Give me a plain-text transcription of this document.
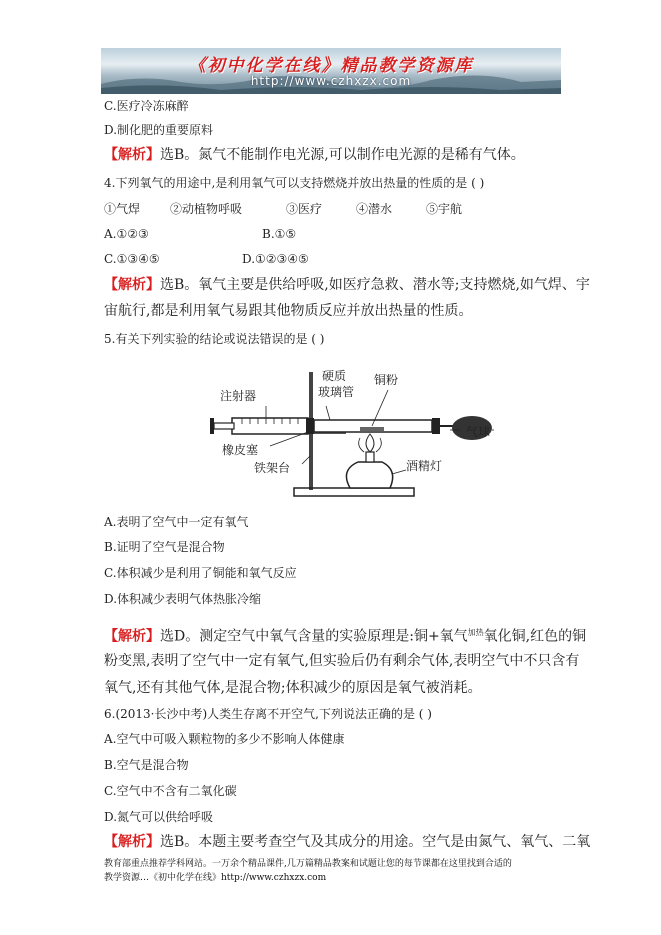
《初中化学在线》精品教学资源库
http://www.czhxzx.com
C.医疗冷冻麻醉
D.制化肥的重要原料
【解析】选B。氮气不能制作电光源,可以制作电光源的是稀有气体。
4.下列氧气的用途中,是利用氧气可以支持燃烧并放出热量的性质的是 ( )
①气焊 ②动植物呼吸	③医疗	④潜水	⑤宇航
A.①②③	B.①⑤
C.①③④⑤	D.①②③④⑤
【解析】选B。氧气主要是供给呼吸,如医疗急救、潜水等;支持燃烧,如气焊、宇
宙航行,都是利用氧气易跟其他物质反应并放出热量的性质。
5.有关下列实验的结论或说法错误的是 ( )
注射器
硬质
玻璃管
铜粉
气球
橡皮塞
铁架台	酒精灯
A.表明了空气中一定有氧气
B.证明了空气是混合物
C.体积减少是利用了铜能和氧气反应
D.体积减少表明气体热胀冷缩
【解析】选D。测定空气中氧气含量的实验原理是:铜+氧气$^{加热}$氧化铜,红色的铜
粉变黑,表明了空气中一定有氧气,但实验后仍有剩余气体,表明空气中不只含有
氧气,还有其他气体,是混合物;体积减少的原因是氧气被消耗。
6.(2013·长沙中考)人类生存离不开空气,下列说法正确的是 ( )
A.空气中可吸入颗粒物的多少不影响人体健康
B.空气是混合物
C.空气中不含有二氧化碳
D.氮气可以供给呼吸
【解析】选B。本题主要考查空气及其成分的用途。空气是由氮气、氧气、二氧
教育部重点推荐学科网站。一万余个精品课件,几万篇精品教案和试题让您的每节课都在这里找到合适的
教学资源…《初中化学在线》http://www.czhxzx.com
